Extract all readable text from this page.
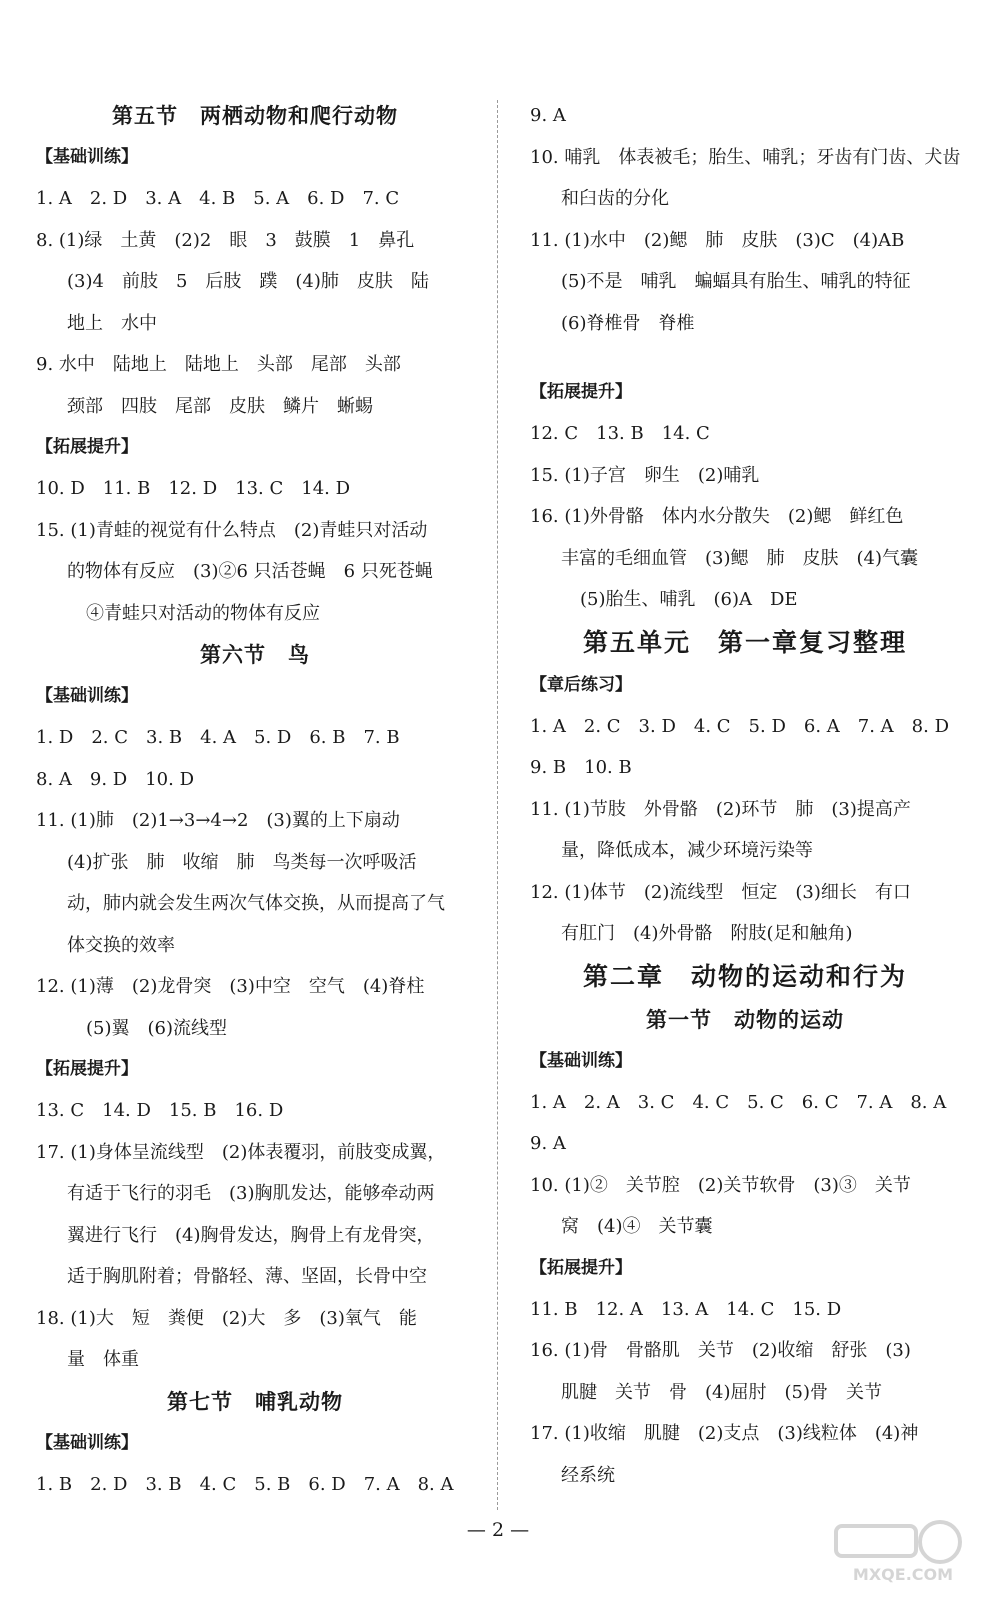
第五节　两栖动物和爬行动物
【基础训练】
1. A　2. D　3. A　4. B　5. A　6. D　7. C
8. (1)绿　土黄　(2)2　眼　3　鼓膜　1　鼻孔
(3)4　前肢　5　后肢　蹼　(4)肺　皮肤　陆
地上　水中
9. 水中　陆地上　陆地上　头部　尾部　头部
颈部　四肢　尾部　皮肤　鳞片　蜥蜴
【拓展提升】
10. D　11. B　12. D　13. C　14. D
15. (1)青蛙的视觉有什么特点　(2)青蛙只对活动
的物体有反应　(3)②6 只活苍蝇　6 只死苍蝇
④青蛙只对活动的物体有反应
第六节　鸟
【基础训练】
1. D　2. C　3. B　4. A　5. D　6. B　7. B
8. A　9. D　10. D
11. (1)肺　(2)1→3→4→2　(3)翼的上下扇动
(4)扩张　肺　收缩　肺　鸟类每一次呼吸活
动，肺内就会发生两次气体交换，从而提高了气
体交换的效率
12. (1)薄　(2)龙骨突　(3)中空　空气　(4)脊柱
(5)翼　(6)流线型
【拓展提升】
13. C　14. D　15. B　16. D
17. (1)身体呈流线型　(2)体表覆羽，前肢变成翼，
有适于飞行的羽毛　(3)胸肌发达，能够牵动两
翼进行飞行　(4)胸骨发达，胸骨上有龙骨突，
适于胸肌附着；骨骼轻、薄、坚固，长骨中空
18. (1)大　短　粪便　(2)大　多　(3)氧气　能
量　体重
第七节　哺乳动物
【基础训练】
1. B　2. D　3. B　4. C　5. B　6. D　7. A　8. A
9. A
10. 哺乳　体表被毛；胎生、哺乳；牙齿有门齿、犬齿
和臼齿的分化
11. (1)水中　(2)鳃　肺　皮肤　(3)C　(4)AB
(5)不是　哺乳　蝙蝠具有胎生、哺乳的特征
(6)脊椎骨　脊椎
【拓展提升】
12. C　13. B　14. C
15. (1)子宫　卵生　(2)哺乳
16. (1)外骨骼　体内水分散失　(2)鳃　鲜红色
丰富的毛细血管　(3)鳃　肺　皮肤　(4)气囊
(5)胎生、哺乳　(6)A　DE
第五单元　第一章复习整理
【章后练习】
1. A　2. C　3. D　4. C　5. D　6. A　7. A　8. D
9. B　10. B
11. (1)节肢　外骨骼　(2)环节　肺　(3)提高产
量，降低成本，减少环境污染等
12. (1)体节　(2)流线型　恒定　(3)细长　有口
有肛门　(4)外骨骼　附肢(足和触角)
第二章　动物的运动和行为
第一节　动物的运动
【基础训练】
1. A　2. A　3. C　4. C　5. C　6. C　7. A　8. A
9. A
10. (1)②　关节腔　(2)关节软骨　(3)③　关节
窝　(4)④　关节囊
【拓展提升】
11. B　12. A　13. A　14. C　15. D
16. (1)骨　骨骼肌　关节　(2)收缩　舒张　(3)
肌腱　关节　骨　(4)屈肘　(5)骨　关节
17. (1)收缩　肌腱　(2)支点　(3)线粒体　(4)神
经系统
— 2 —
MXQE.COM
